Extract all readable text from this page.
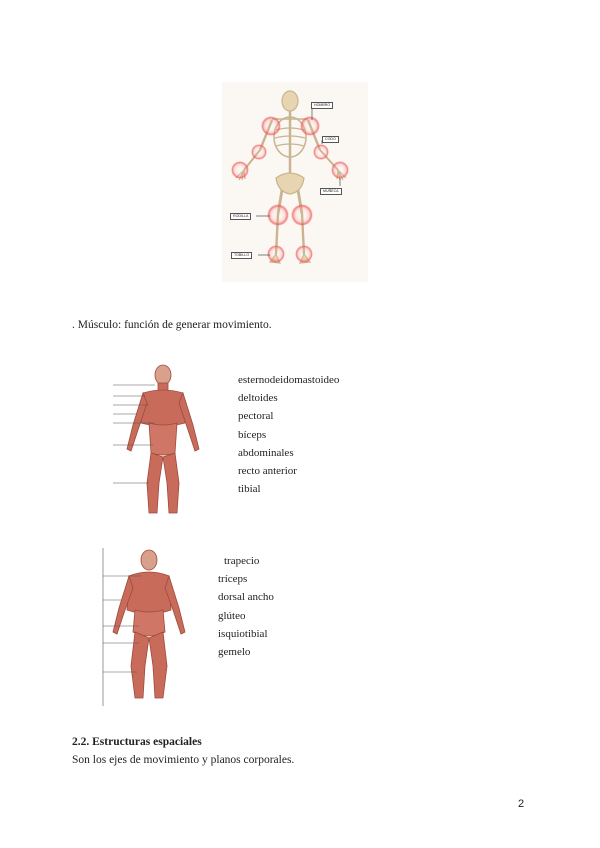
HOMBRO
CODO
MUÑECA
RODILLA
TOBILLO
. Músculo: función de generar movimiento.
esternodeidomastoideo
deltoides
pectoral
bíceps
abdominales
recto anterior
tibial
trapecio
tríceps
dorsal ancho
glúteo
isquiotibial
gemelo
2.2. Estructuras espaciales
Son los ejes de movimiento y planos corporales.
2
